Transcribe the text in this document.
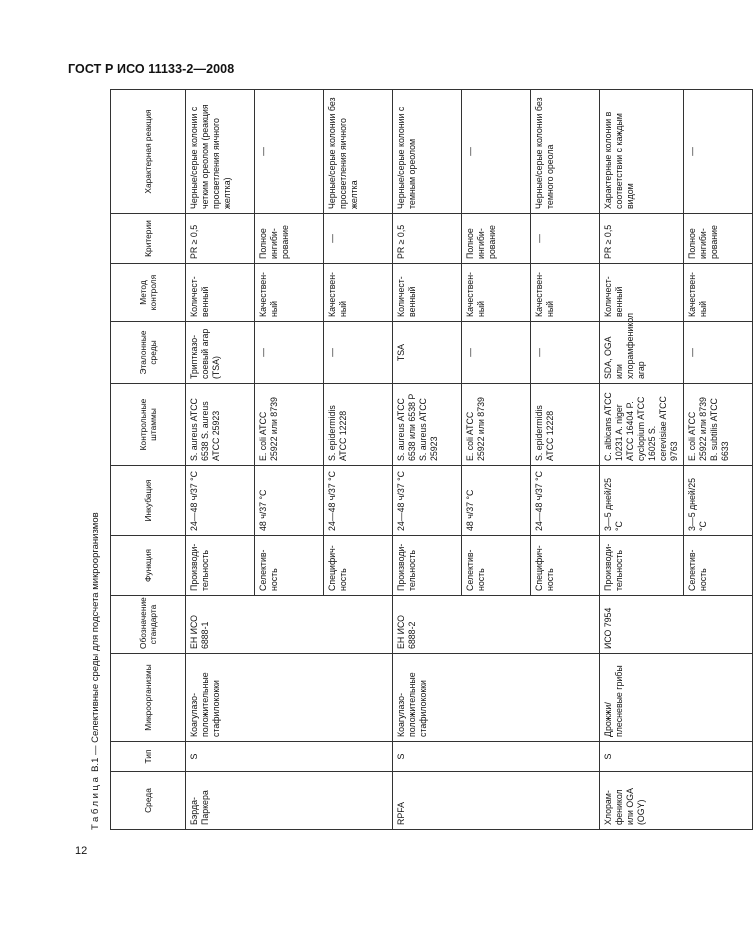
ГОСТ Р ИСО 11133-2—2008
Таблица В.1 — Селективные среды для подсчета микроорганизмов
Среда	Тип	Микроорганизмы	Обозначение стандарта	Функция	Инкубация	Контрольные штаммы	Эталонные среды	Метод контроля	Критерии	Характерная реакция
Бэрда-Паркера	S	Коагулазо-положительные стафилококки	ЕН ИСО 6888-1	Производи-тельность	24—48 ч/37 °С	S. aureus ATCC 6538 S. aureus ATCC 25923	Триптказо-соевый агар (TSA)	Количест-венный	PR ≥ 0,5	Черные/серые колонии с четким ореолом (реакция просветления яичного желтка)
				Селектив-ность	48 ч/37 °С	E. coli ATCC 25922 или 8739	—	Качествен-ный	Полное ингиби-рование	—
				Специфич-ность	24—48 ч/37 °С	S. epidermidis ATCC 12228	—	Качествен-ный	—	Черные/серые колонии без просветления яичного желтка
RPFA	S	Коагулазо-положительные стафилококки	ЕН ИСО 6888-2	Производи-тельность	24—48 ч/37 °С	S. aureus ATCC 6538 или 6538 P S. aureus ATCC 25923	TSA	Количест-венный	PR ≥ 0,5	Черные/серые колонии с темным ореолом
				Селектив-ность	48 ч/37 °С	E. coli ATCC 25922 или 8739	—	Качествен-ный	Полное ингиби-рование	—
				Специфич-ность	24—48 ч/37 °С	S. epidermidis ATCC 12228	—	Качествен-ный	—	Черные/серые колонии без темного ореола
Хлорам-феникол или OGA (OGY)	S	Дрожжи/плесневые грибы	ИСО 7954	Производи-тельность	3—5 дней/25 °С	C. albicans ATCC 10231 A. niger ATCC 16404 P. cyclopium ATCC 16025 S. cerevisiae ATCC 9763	SDA, OGA или хлорамфеникол агар	Количест-венный	PR ≥ 0,5	Характерные колонии в соответствии с каждым видом
				Селектив-ность	3—5 дней/25 °С	E. coli ATCC 25922 или 8739 B. subtilis ATCC 6633	—	Качествен-ный	Полное ингиби-рование	—
12
